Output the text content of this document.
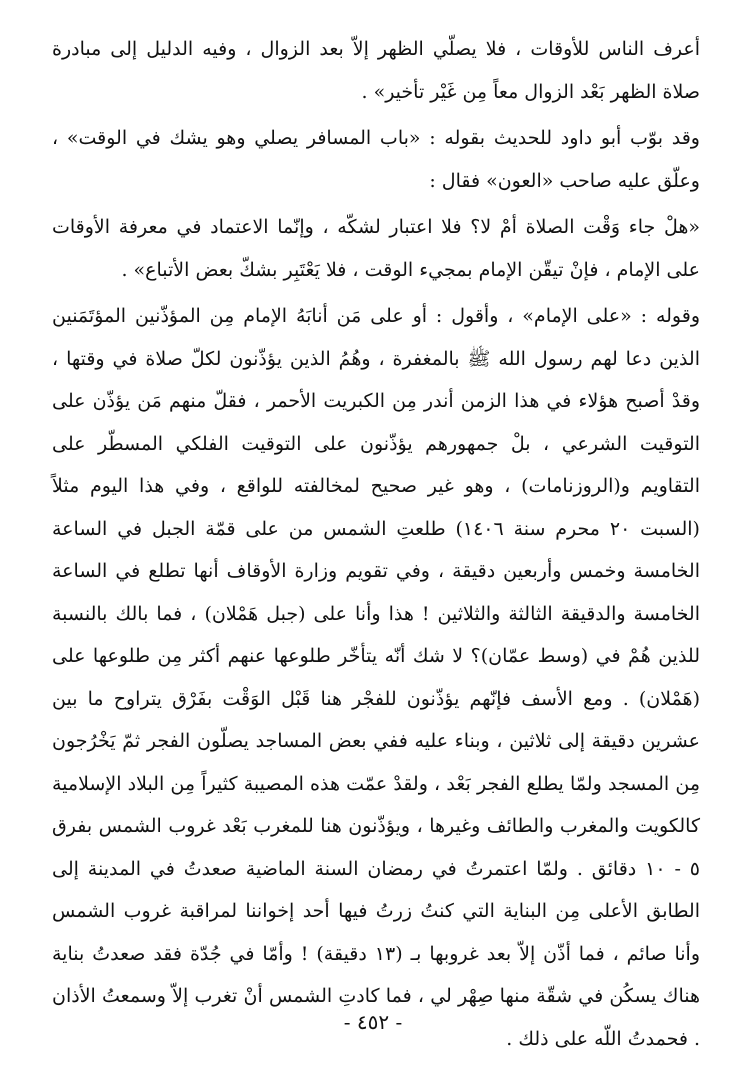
أعرف الناس للأوقات ، فلا يصلّي الظهر إلاّ بعد الزوال ، وفيه الدليل إلى مبادرة صلاة الظهر بَعْد الزوال معاً مِن غَيْر تأخير» .

وقد بوّب أبو داود للحديث بقوله : «باب المسافر يصلي وهو يشك في الوقت» ، وعلّق عليه صاحب «العون» فقال :

«هلْ جاء وَقْت الصلاة أمْ لا؟ فلا اعتبار لشكّه ، وإنّما الاعتماد في معرفة الأوقات على الإمام ، فإنْ تيقّن الإمام بمجيء الوقت ، فلا يَعْتَبِر بشكّ بعض الأتباع» .

وقوله : «على الإمام» ، وأقول : أو على مَن أنابَهُ الإمام مِن المؤذّنين المؤتَمَنين الذين دعا لهم رسول الله ﷺ بالمغفرة ، وهُمُ الذين يؤذّنون لكلّ صلاة في وقتها ، وقدْ أصبح هؤلاء في هذا الزمن أندر مِن الكبريت الأحمر ، فقلّ منهم مَن يؤذّن على التوقيت الشرعي ، بلْ جمهورهم يؤذّنون على التوقيت الفلكي المسطّر على التقاويم و(الروزنامات) ، وهو غير صحيح لمخالفته للواقع ، وفي هذا اليوم مثلاً (السبت ٢٠ محرم سنة ١٤٠٦) طلعتِ الشمس من على قمّة الجبل في الساعة الخامسة وخمس وأربعين دقيقة ، وفي تقويم وزارة الأوقاف أنها تطلع في الساعة الخامسة والدقيقة الثالثة والثلاثين ! هذا وأنا على (جبل هَمْلان) ، فما بالك بالنسبة للذين هُمْ في (وسط عمّان)؟ لا شك أنّه يتأخّر طلوعها عنهم أكثر مِن طلوعها على (هَمْلان) . ومع الأسف فإنّهم يؤذّنون للفجْر هنا قَبْل الوَقْت بفَرْق يتراوح ما بين عشرين دقيقة إلى ثلاثين ، وبناء عليه ففي بعض المساجد يصلّون الفجر ثمّ يَخْرُجون مِن المسجد ولمّا يطلع الفجر بَعْد ، ولقدْ عمّت هذه المصيبة كثيراً مِن البلاد الإسلامية كالكويت والمغرب والطائف وغيرها ، ويؤذّنون هنا للمغرب بَعْد غروب الشمس بفرق ٥ - ١٠ دقائق . ولمّا اعتمرتُ في رمضان السنة الماضية صعدتُ في المدينة إلى الطابق الأعلى مِن البناية التي كنتُ زرتُ فيها أحد إخواننا لمراقبة غروب الشمس وأنا صائم ، فما أذّن إلاّ بعد غروبها بـ (١٣ دقيقة) ! وأمّا في جُدّة فقد صعدتُ بناية هناك يسكُن في شقّة منها صِهْر لي ، فما كادتِ الشمس أنْ تغرب إلاّ وسمعتُ الأذان . فحمدتُ اللّه على ذلك .

- ٤٥٢ -
